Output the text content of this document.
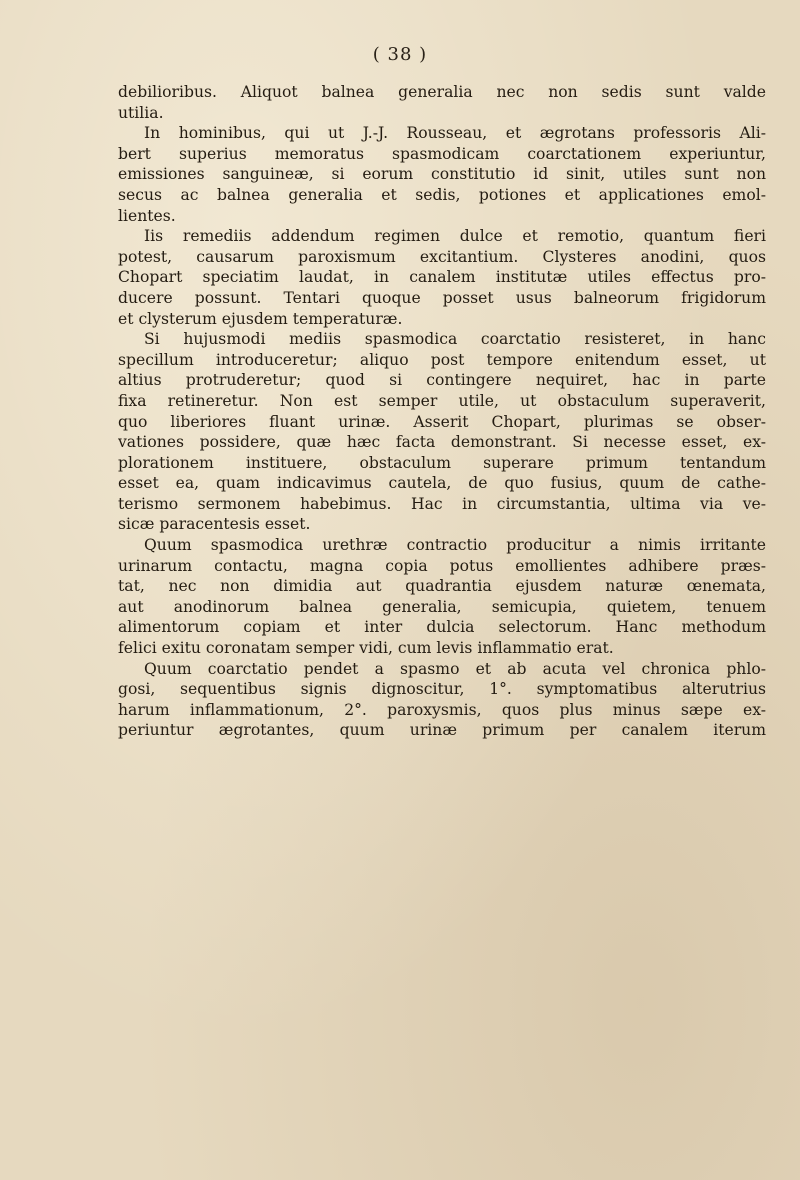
( 38 )
debilioribus. Aliquot balnea generalia nec non sedis sunt valde
utilia.
In hominibus, qui ut J.-J. Rousseau, et ægrotans professoris Ali-
bert superius memoratus spasmodicam coarctationem experiuntur,
emissiones sanguineæ, si eorum constitutio id sinit, utiles sunt non
secus ac balnea generalia et sedis, potiones et applicationes emol-
lientes.
Iis remediis addendum regimen dulce et remotio, quantum fieri
potest, causarum paroxismum excitantium. Clysteres anodini, quos
Chopart speciatim laudat, in canalem institutæ utiles effectus pro-
ducere possunt. Tentari quoque posset usus balneorum frigidorum
et clysterum ejusdem temperaturæ.
Si hujusmodi mediis spasmodica coarctatio resisteret, in hanc
specillum introduceretur; aliquo post tempore enitendum esset, ut
altius protruderetur; quod si contingere nequiret, hac in parte
fixa retineretur. Non est semper utile, ut obstaculum superaverit,
quo liberiores fluant urinæ. Asserit Chopart, plurimas se obser-
vationes possidere, quæ hæc facta demonstrant. Si necesse esset, ex-
plorationem instituere, obstaculum superare primum tentandum
esset ea, quam indicavimus cautela, de quo fusius, quum de cathe-
terismo sermonem habebimus. Hac in circumstantia, ultima via ve-
sicæ paracentesis esset.
Quum spasmodica urethræ contractio producitur a nimis irritante
urinarum contactu, magna copia potus emollientes adhibere præs-
tat, nec non dimidia aut quadrantia ejusdem naturæ œnemata,
aut anodinorum balnea generalia, semicupia, quietem, tenuem
alimentorum copiam et inter dulcia selectorum. Hanc methodum
felici exitu coronatam semper vidi, cum levis inflammatio erat.
Quum coarctatio pendet a spasmo et ab acuta vel chronica phlo-
gosi, sequentibus signis dignoscitur, 1°. symptomatibus alterutrius
harum inflammationum, 2°. paroxysmis, quos plus minus sæpe ex-
periuntur ægrotantes, quum urinæ primum per canalem iterum
